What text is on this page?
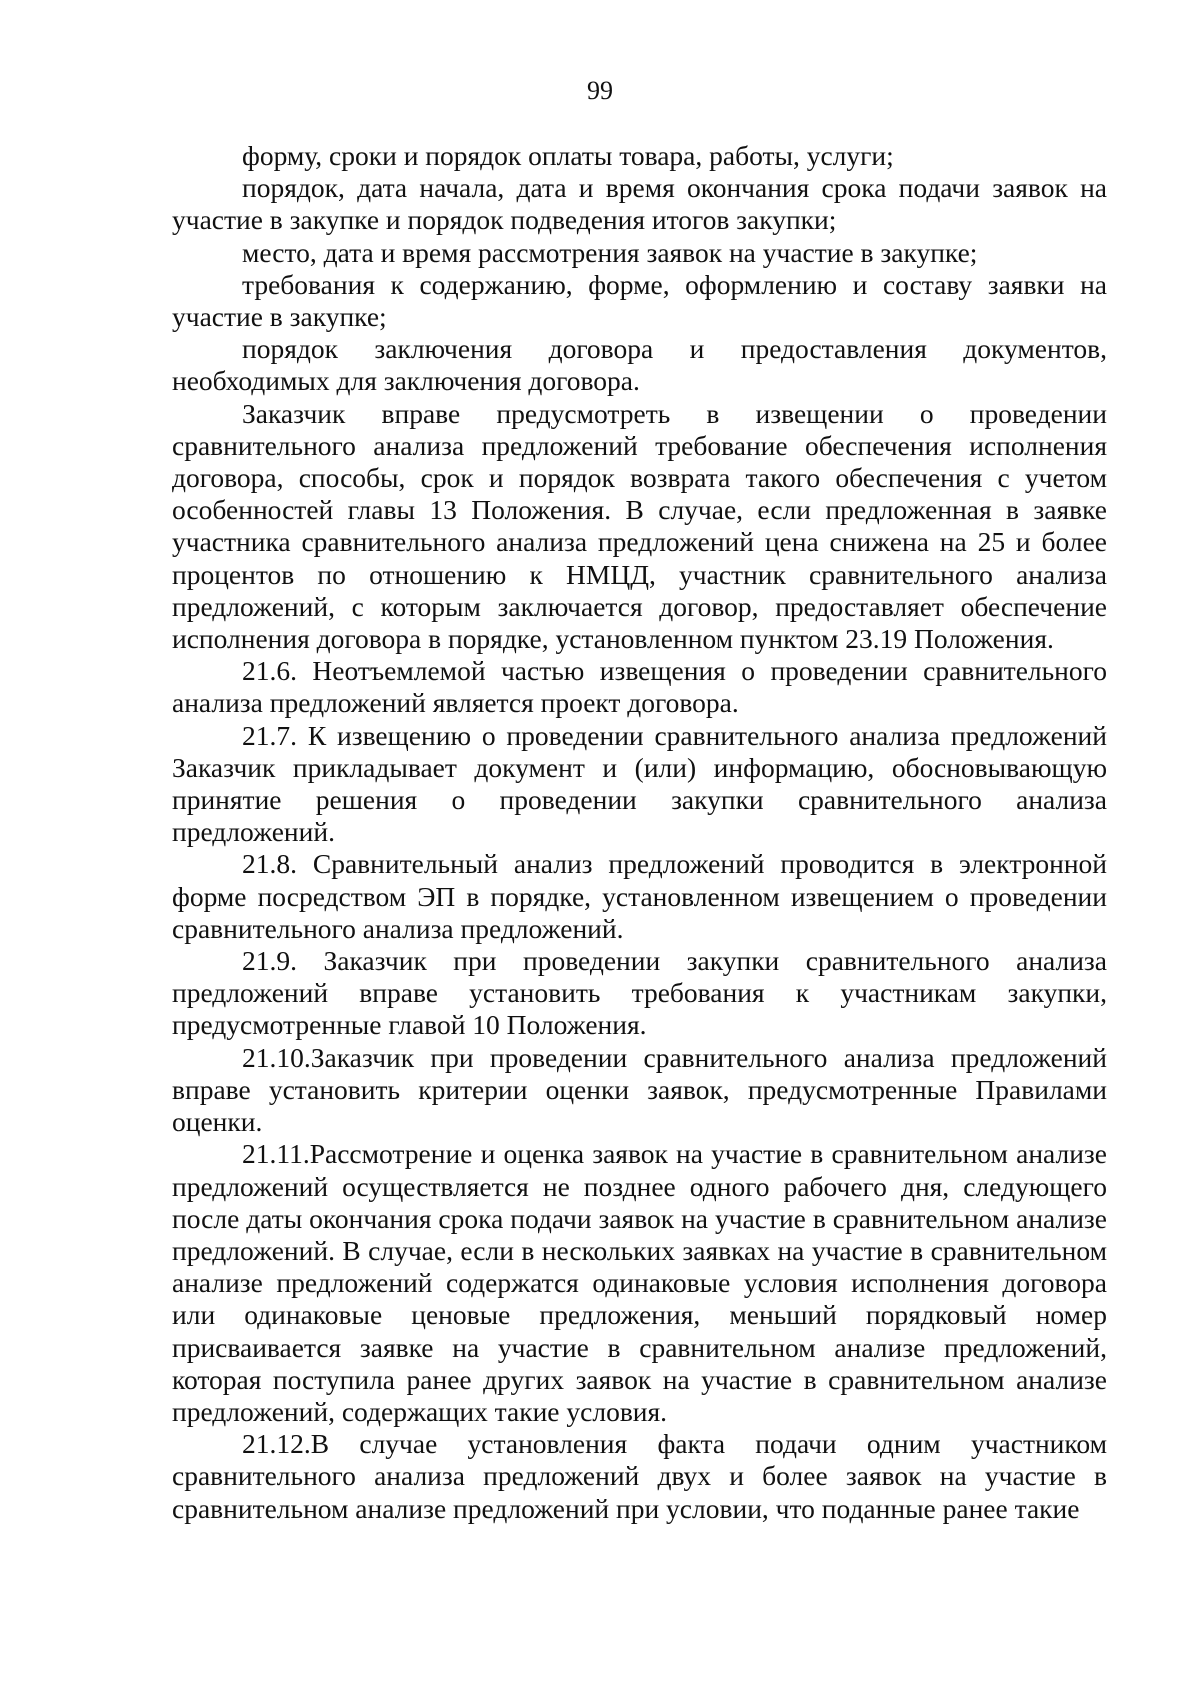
99

форму, сроки и порядок оплаты товара, работы, услуги;

порядок, дата начала, дата и время окончания срока подачи заявок на участие в закупке и порядок подведения итогов закупки;

место, дата и время рассмотрения заявок на участие в закупке;

требования к содержанию, форме, оформлению и составу заявки на участие в закупке;

порядок заключения договора и предоставления документов, необходимых для заключения договора.

Заказчик вправе предусмотреть в извещении о проведении сравнительного анализа предложений требование обеспечения исполнения договора, способы, срок и порядок возврата такого обеспечения с учетом особенностей главы 13 Положения. В случае, если предложенная в заявке участника сравнительного анализа предложений цена снижена на 25 и более процентов по отношению к НМЦД, участник сравнительного анализа предложений, с которым заключается договор, предоставляет обеспечение исполнения договора в порядке, установленном пунктом 23.19 Положения.

21.6. Неотъемлемой частью извещения о проведении сравнительного анализа предложений является проект договора.

21.7. К извещению о проведении сравнительного анализа предложений Заказчик прикладывает документ и (или) информацию, обосновывающую принятие решения о проведении закупки сравнительного анализа предложений.

21.8. Сравнительный анализ предложений проводится в электронной форме посредством ЭП в порядке, установленном извещением о проведении сравнительного анализа предложений.

21.9. Заказчик при проведении закупки сравнительного анализа предложений вправе установить требования к участникам закупки, предусмотренные главой 10 Положения.

21.10.Заказчик при проведении сравнительного анализа предложений вправе установить критерии оценки заявок, предусмотренные Правилами оценки.

21.11.Рассмотрение и оценка заявок на участие в сравнительном анализе предложений осуществляется не позднее одного рабочего дня, следующего после даты окончания срока подачи заявок на участие в сравнительном анализе предложений. В случае, если в нескольких заявках на участие в сравнительном анализе предложений содержатся одинаковые условия исполнения договора или одинаковые ценовые предложения, меньший порядковый номер присваивается заявке на участие в сравнительном анализе предложений, которая поступила ранее других заявок на участие в сравнительном анализе предложений, содержащих такие условия.

21.12.В случае установления факта подачи одним участником сравнительного анализа предложений двух и более заявок на участие в сравнительном анализе предложений при условии, что поданные ранее такие
